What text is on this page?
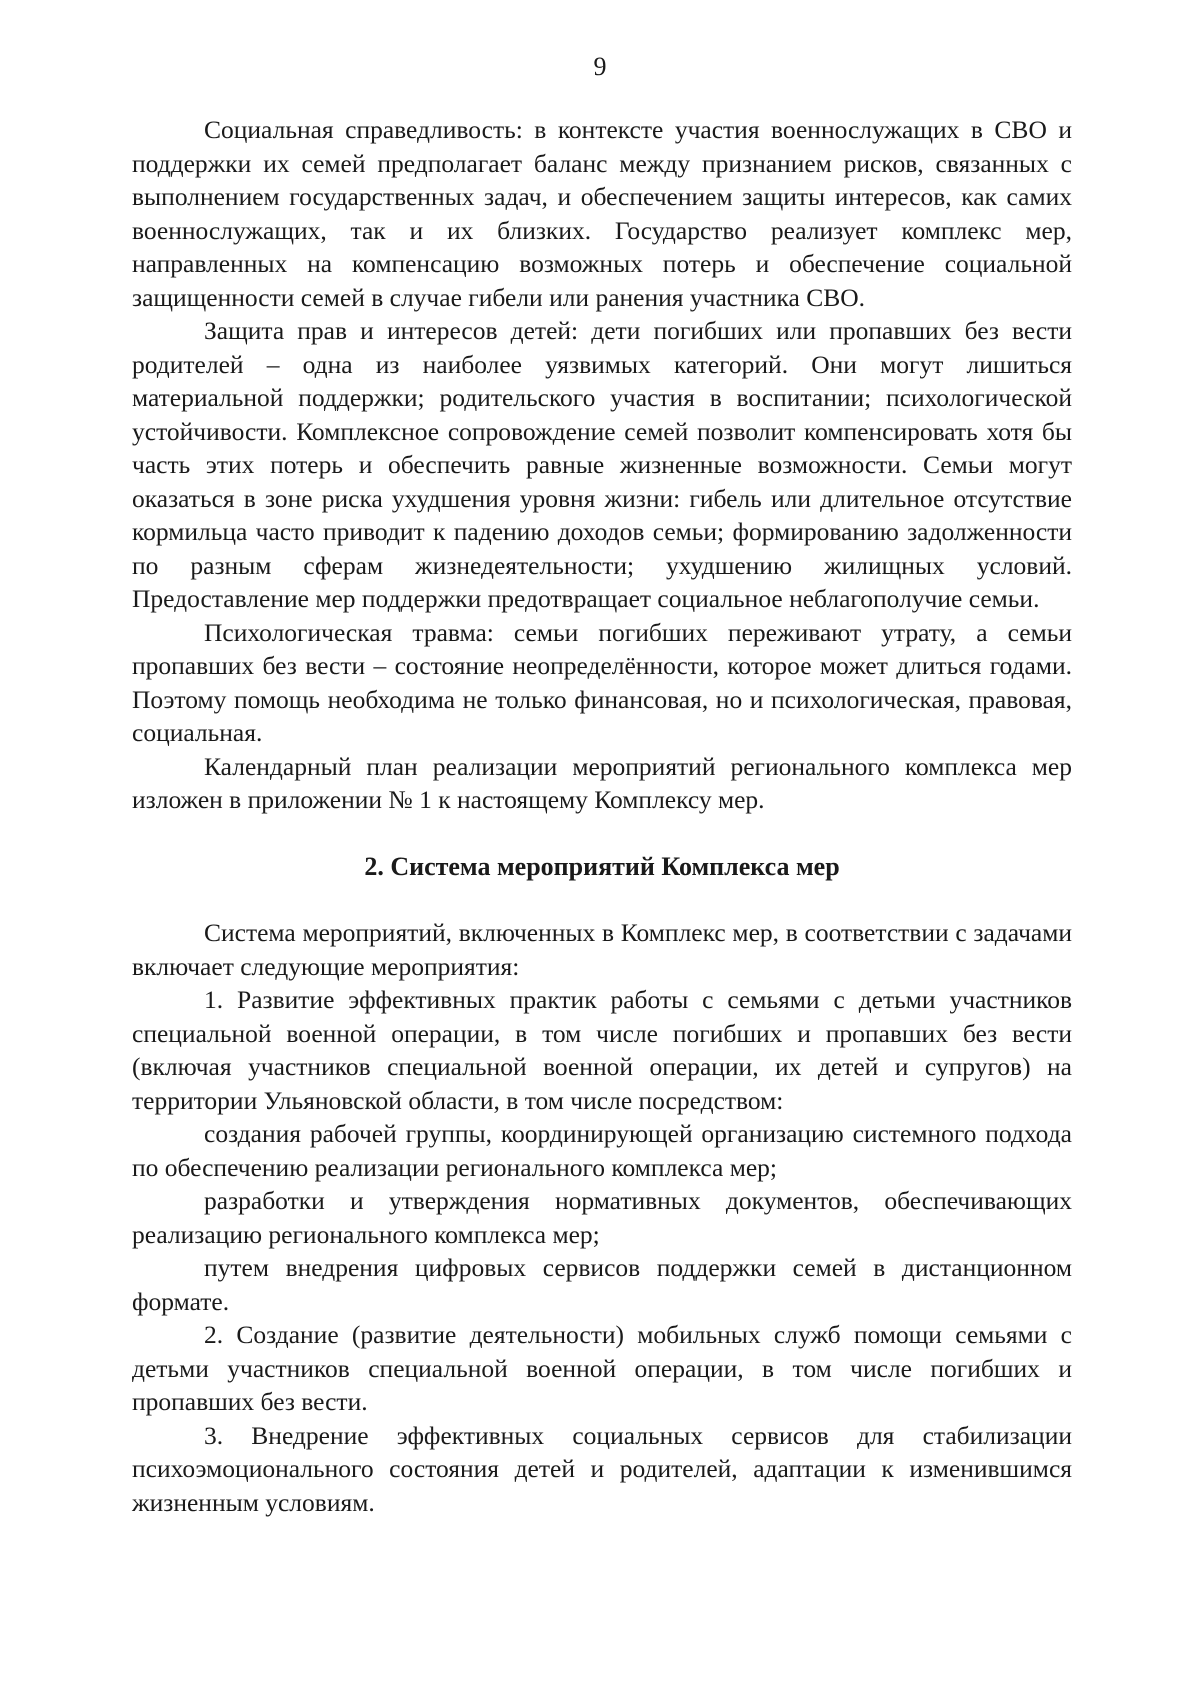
9

Социальная справедливость: в контексте участия военнослужащих в СВО и поддержки их семей предполагает баланс между признанием рисков, связанных с выполнением государственных задач, и обеспечением защиты интересов, как самих военнослужащих, так и их близких. Государство реализует комплекс мер, направленных на компенсацию возможных потерь и обеспечение социальной защищенности семей в случае гибели или ранения участника СВО.

Защита прав и интересов детей: дети погибших или пропавших без вести родителей – одна из наиболее уязвимых категорий. Они могут лишиться материальной поддержки; родительского участия в воспитании; психологической устойчивости. Комплексное сопровождение семей позволит компенсировать хотя бы часть этих потерь и обеспечить равные жизненные возможности. Семьи могут оказаться в зоне риска ухудшения уровня жизни: гибель или длительное отсутствие кормильца часто приводит к падению доходов семьи; формированию задолженности по разным сферам жизнедеятельности; ухудшению жилищных условий. Предоставление мер поддержки предотвращает социальное неблагополучие семьи.

Психологическая травма: семьи погибших переживают утрату, а семьи пропавших без вести – состояние неопределённости, которое может длиться годами. Поэтому помощь необходима не только финансовая, но и психологическая, правовая, социальная.

Календарный план реализации мероприятий регионального комплекса мер изложен в приложении № 1 к настоящему Комплексу мер.

2. Система мероприятий Комплекса мер

Система мероприятий, включенных в Комплекс мер, в соответствии с задачами включает следующие мероприятия:

1. Развитие эффективных практик работы с семьями с детьми участников специальной военной операции, в том числе погибших и пропавших без вести (включая участников специальной военной операции, их детей и супругов) на территории Ульяновской области, в том числе посредством:

создания рабочей группы, координирующей организацию системного подхода по обеспечению реализации регионального комплекса мер;

разработки и утверждения нормативных документов, обеспечивающих реализацию регионального комплекса мер;

путем внедрения цифровых сервисов поддержки семей в дистанционном формате.

2. Создание (развитие деятельности) мобильных служб помощи семьями с детьми участников специальной военной операции, в том числе погибших и пропавших без вести.

3. Внедрение эффективных социальных сервисов для стабилизации психоэмоционального состояния детей и родителей, адаптации к изменившимся жизненным условиям.
